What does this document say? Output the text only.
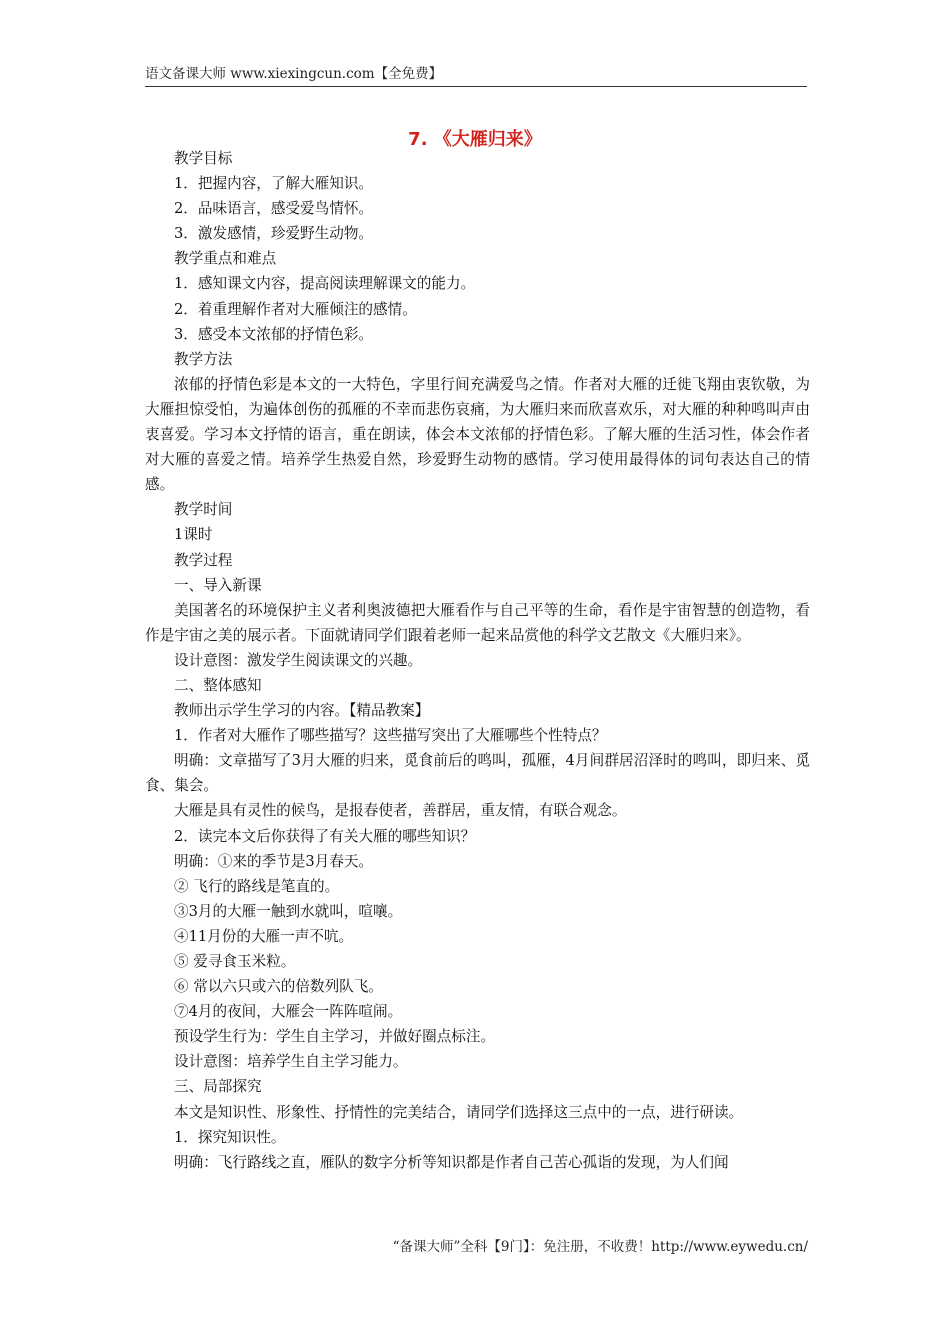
语文备课大师 www.xiexingcun.com【全免费】
7. 《大雁归来》

教学目标

1．把握内容，了解大雁知识。

2．品味语言，感受爱鸟情怀。

3．激发感情，珍爱野生动物。

教学重点和难点

1．感知课文内容，提高阅读理解课文的能力。

2．着重理解作者对大雁倾注的感情。

3．感受本文浓郁的抒情色彩。

教学方法

浓郁的抒情色彩是本文的一大特色，字里行间充满爱鸟之情。作者对大雁的迁徙飞翔由衷钦敬，为大雁担惊受怕，为遍体创伤的孤雁的不幸而悲伤哀痛，为大雁归来而欣喜欢乐，对大雁的种种鸣叫声由衷喜爱。学习本文抒情的语言，重在朗读，体会本文浓郁的抒情色彩。了解大雁的生活习性，体会作者对大雁的喜爱之情。培养学生热爱自然，珍爱野生动物的感情。学习使用最得体的词句表达自己的情感。

教学时间

1课时

教学过程

一、导入新课

美国著名的环境保护主义者利奥波德把大雁看作与自己平等的生命，看作是宇宙智慧的创造物，看作是宇宙之美的展示者。下面就请同学们跟着老师一起来品赏他的科学文艺散文《大雁归来》。

设计意图：激发学生阅读课文的兴趣。

二、整体感知

教师出示学生学习的内容。【精品教案】

1．作者对大雁作了哪些描写？这些描写突出了大雁哪些个性特点？

明确：文章描写了3月大雁的归来，觅食前后的鸣叫，孤雁，4月间群居沼泽时的鸣叫，即归来、觅食、集会。

大雁是具有灵性的候鸟，是报春使者，善群居，重友情，有联合观念。

2．读完本文后你获得了有关大雁的哪些知识？

明确：①来的季节是3月春天。

② 飞行的路线是笔直的。

③3月的大雁一触到水就叫，喧嚷。

④11月份的大雁一声不吭。

⑤ 爱寻食玉米粒。

⑥ 常以六只或六的倍数列队飞。

⑦4月的夜间，大雁会一阵阵喧闹。

预设学生行为：学生自主学习，并做好圈点标注。

设计意图：培养学生自主学习能力。

三、局部探究

本文是知识性、形象性、抒情性的完美结合，请同学们选择这三点中的一点，进行研读。

1．探究知识性。

明确：飞行路线之直，雁队的数字分析等知识都是作者自己苦心孤诣的发现，为人们闻

“备课大师”全科【9门】：免注册，不收费！http://www.eywedu.cn/
